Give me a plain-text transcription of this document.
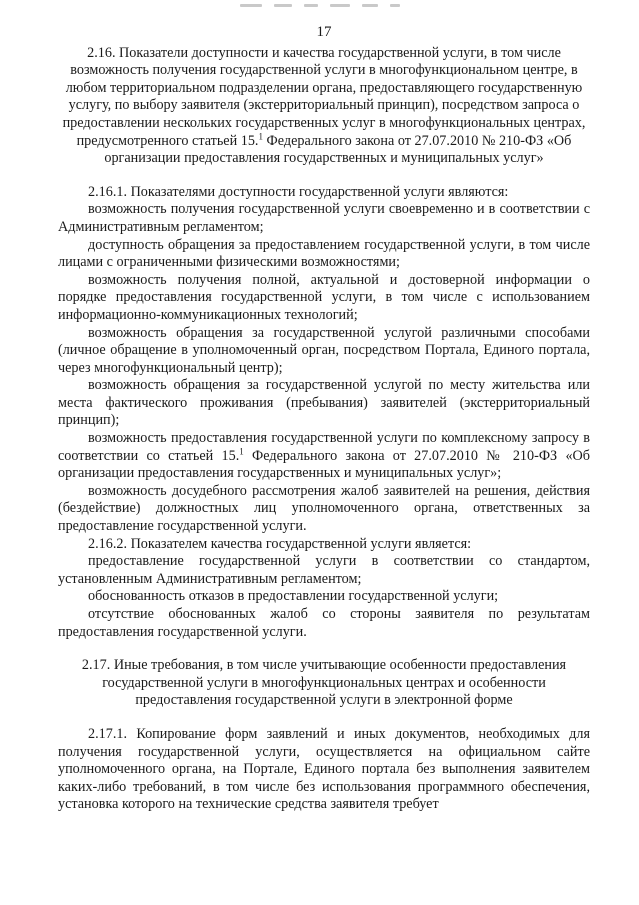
17

2.16. Показатели доступности и качества государственной услуги, в том числе возможность получения государственной услуги в многофункциональном центре, в любом территориальном подразделении органа, предоставляющего государственную услугу, по выбору заявителя (экстерриториальный принцип), посредством запроса о предоставлении нескольких государственных услуг в многофункциональных центрах, предусмотренного статьей 15.$^1$ Федерального закона от 27.07.2010 № 210-ФЗ «Об организации предоставления государственных и муниципальных услуг»

2.16.1. Показателями доступности государственной услуги являются:

возможность получения государственной услуги своевременно и в соответствии с Административным регламентом;

доступность обращения за предоставлением государственной услуги, в том числе лицами с ограниченными физическими возможностями;

возможность получения полной, актуальной и достоверной информации о порядке предоставления государственной услуги, в том числе с использованием информационно-коммуникационных технологий;

возможность обращения за государственной услугой различными способами (личное обращение в уполномоченный орган, посредством Портала, Единого портала, через многофункциональный центр);

возможность обращения за государственной услугой по месту жительства или места фактического проживания (пребывания) заявителей (экстерриториальный принцип);

возможность предоставления государственной услуги по комплексному запросу в соответствии со статьей 15.$^1$ Федерального закона от 27.07.2010 № 210-ФЗ «Об организации предоставления государственных и муниципальных услуг»;

возможность досудебного рассмотрения жалоб заявителей на решения, действия (бездействие) должностных лиц уполномоченного органа, ответственных за предоставление государственной услуги.

2.16.2. Показателем качества государственной услуги является:

предоставление государственной услуги в соответствии со стандартом, установленным Административным регламентом;

обоснованность отказов в предоставлении государственной услуги;

отсутствие обоснованных жалоб со стороны заявителя по результатам предоставления государственной услуги.

2.17. Иные требования, в том числе учитывающие особенности предоставления государственной услуги в многофункциональных центрах и особенности предоставления государственной услуги в электронной форме

2.17.1. Копирование форм заявлений и иных документов, необходимых для получения государственной услуги, осуществляется на официальном сайте уполномоченного органа, на Портале, Единого портала без выполнения заявителем каких-либо требований, в том числе без использования программного обеспечения, установка которого на технические средства заявителя требует
